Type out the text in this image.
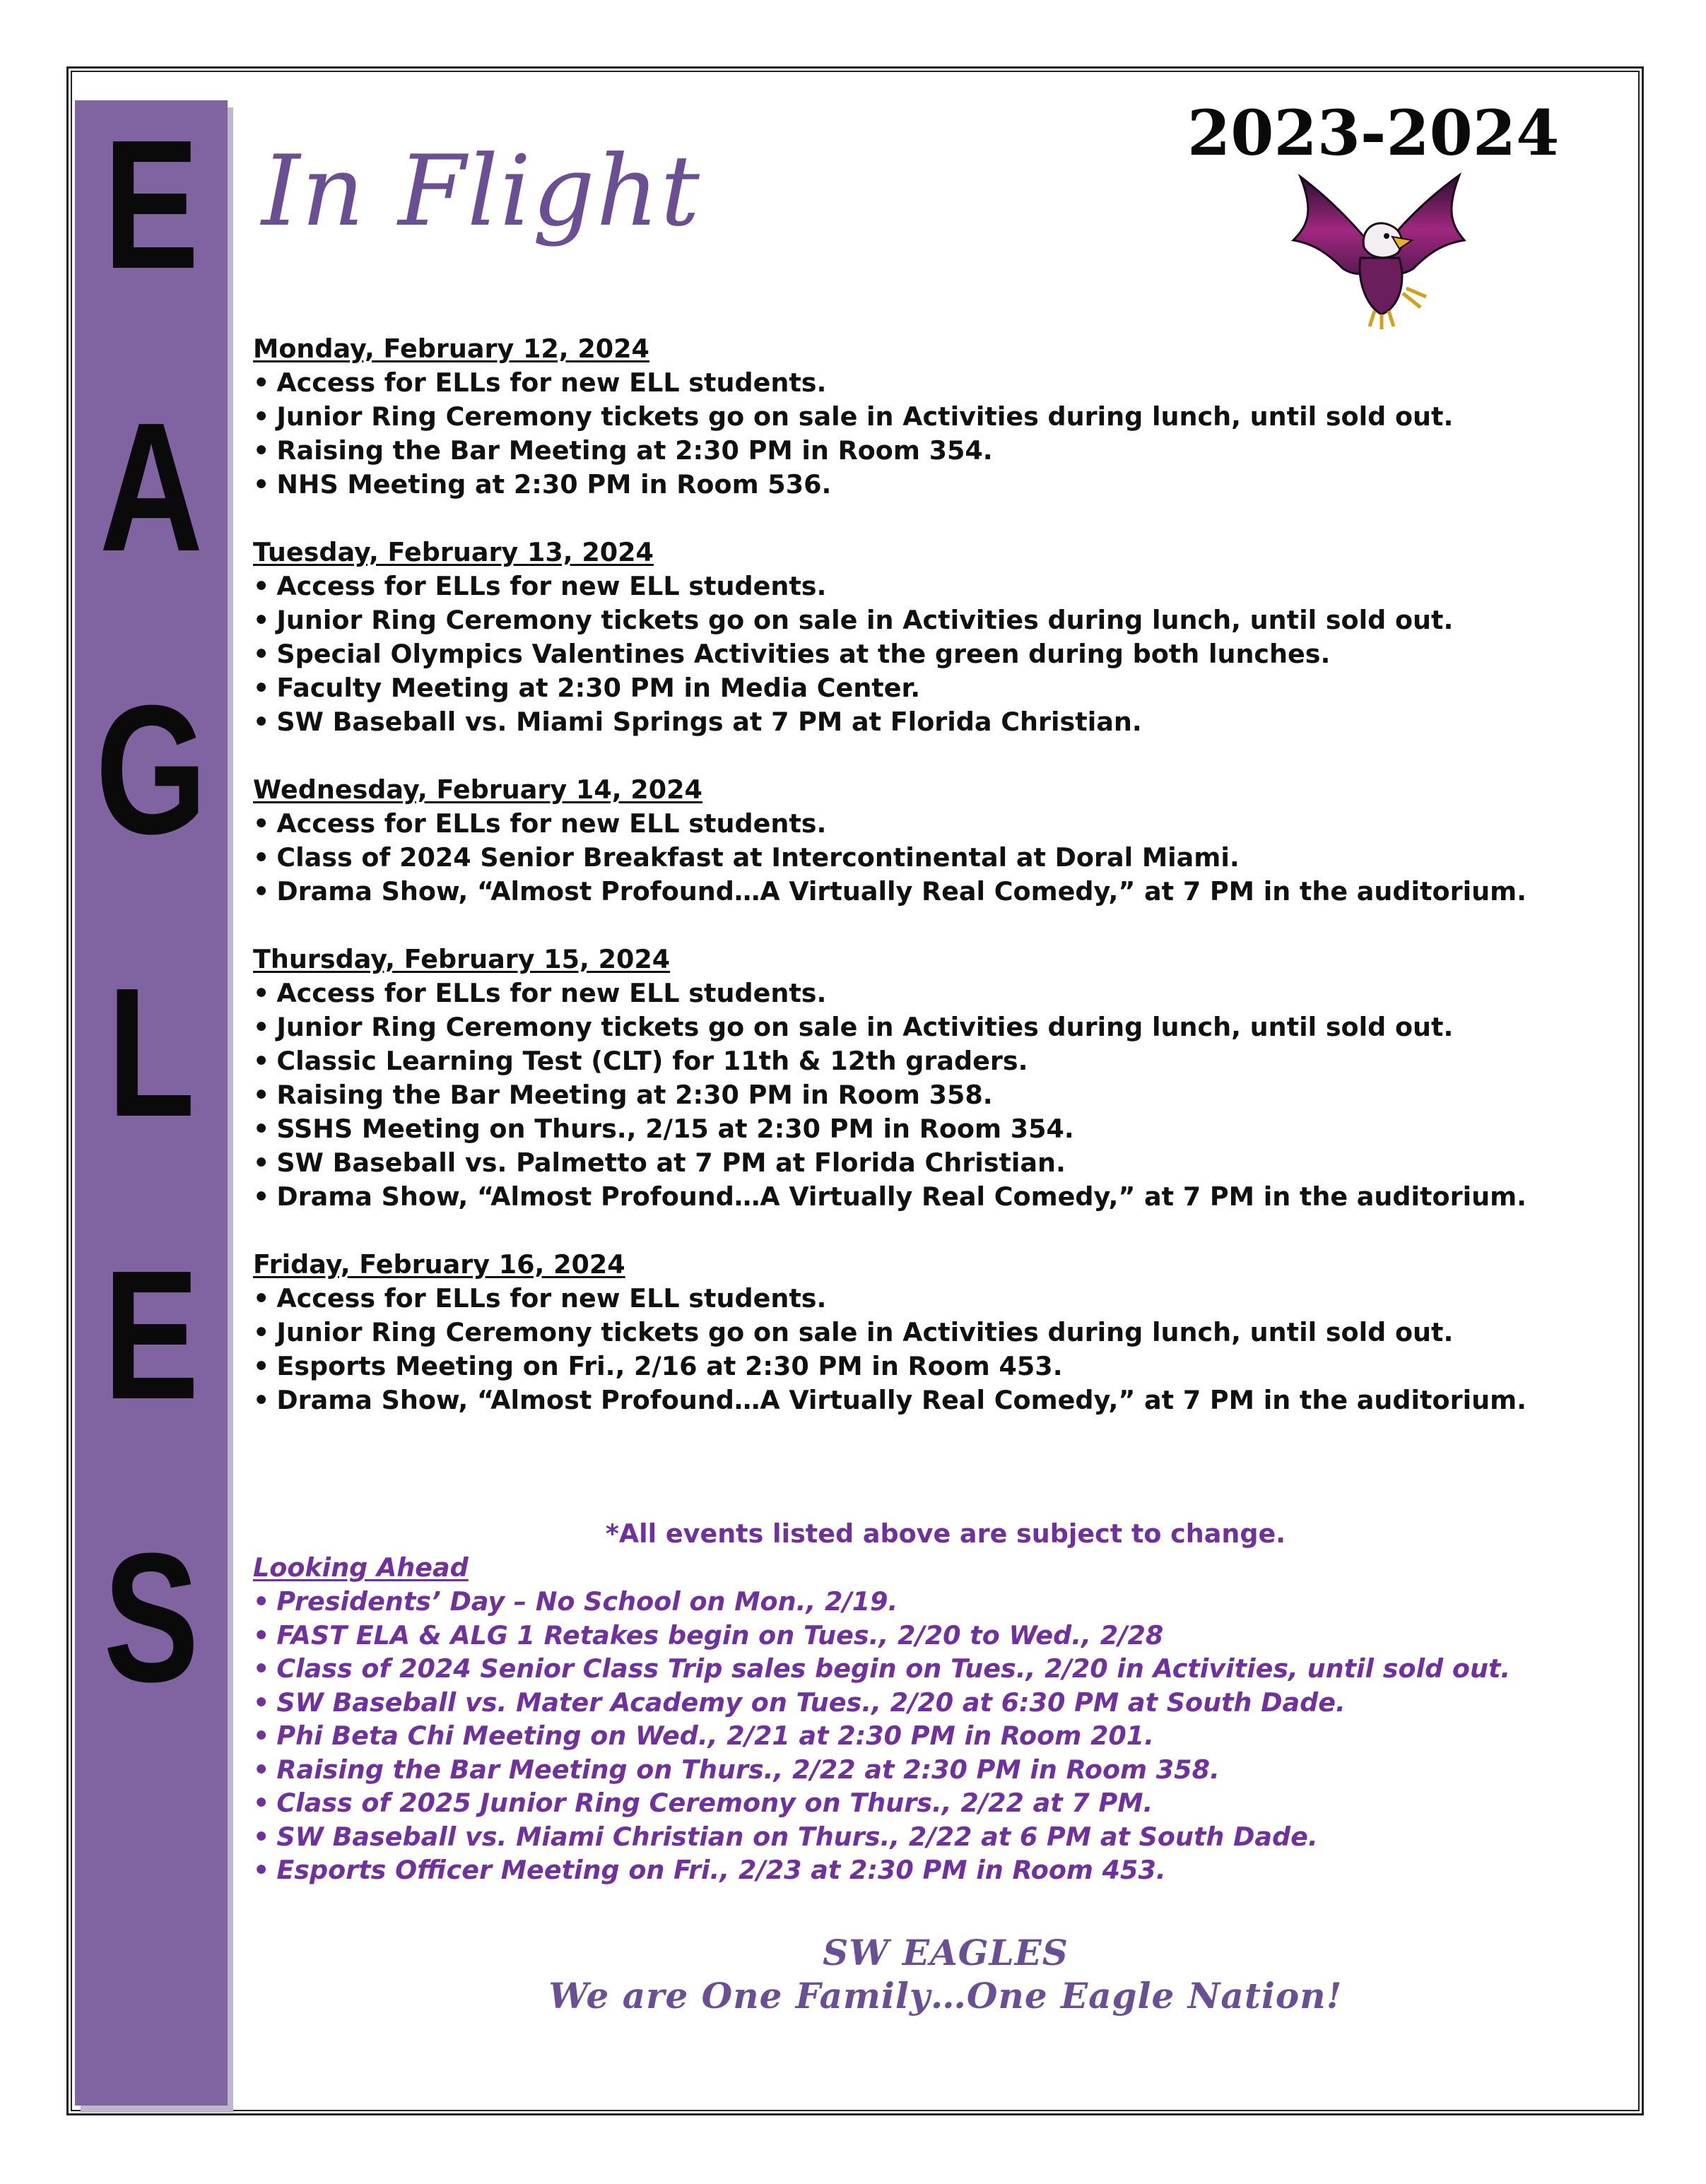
E
A
G
L
E
S
In Flight
2023-2024
Monday, February 12, 2024
• Access for ELLs for new ELL students.
• Junior Ring Ceremony tickets go on sale in Activities during lunch, until sold out.
• Raising the Bar Meeting at 2:30 PM in Room 354.
• NHS Meeting at 2:30 PM in Room 536.
Tuesday, February 13, 2024
• Access for ELLs for new ELL students.
• Junior Ring Ceremony tickets go on sale in Activities during lunch, until sold out.
• Special Olympics Valentines Activities at the green during both lunches.
• Faculty Meeting at 2:30 PM in Media Center.
• SW Baseball vs. Miami Springs at 7 PM at Florida Christian.
Wednesday, February 14, 2024
• Access for ELLs for new ELL students.
• Class of 2024 Senior Breakfast at Intercontinental at Doral Miami.
• Drama Show, “Almost Profound…A Virtually Real Comedy,” at 7 PM in the auditorium.
Thursday, February 15, 2024
• Access for ELLs for new ELL students.
• Junior Ring Ceremony tickets go on sale in Activities during lunch, until sold out.
• Classic Learning Test (CLT) for 11th & 12th graders.
• Raising the Bar Meeting at 2:30 PM in Room 358.
• SSHS Meeting on Thurs., 2/15 at 2:30 PM in Room 354.
• SW Baseball vs. Palmetto at 7 PM at Florida Christian.
• Drama Show, “Almost Profound…A Virtually Real Comedy,” at 7 PM in the auditorium.
Friday, February 16, 2024
• Access for ELLs for new ELL students.
• Junior Ring Ceremony tickets go on sale in Activities during lunch, until sold out.
• Esports Meeting on Fri., 2/16 at 2:30 PM in Room 453.
• Drama Show, “Almost Profound…A Virtually Real Comedy,” at 7 PM in the auditorium.
*All events listed above are subject to change.
Looking Ahead
• Presidents’ Day – No School on Mon., 2/19.
• FAST ELA & ALG 1 Retakes begin on Tues., 2/20 to Wed., 2/28
• Class of 2024 Senior Class Trip sales begin on Tues., 2/20 in Activities, until sold out.
• SW Baseball vs. Mater Academy on Tues., 2/20 at 6:30 PM at South Dade.
• Phi Beta Chi Meeting on Wed., 2/21 at 2:30 PM in Room 201.
• Raising the Bar Meeting on Thurs., 2/22 at 2:30 PM in Room 358.
• Class of 2025 Junior Ring Ceremony on Thurs., 2/22 at 7 PM.
• SW Baseball vs. Miami Christian on Thurs., 2/22 at 6 PM at South Dade.
• Esports Officer Meeting on Fri., 2/23 at 2:30 PM in Room 453.
SW EAGLES
We are One Family…One Eagle Nation!
